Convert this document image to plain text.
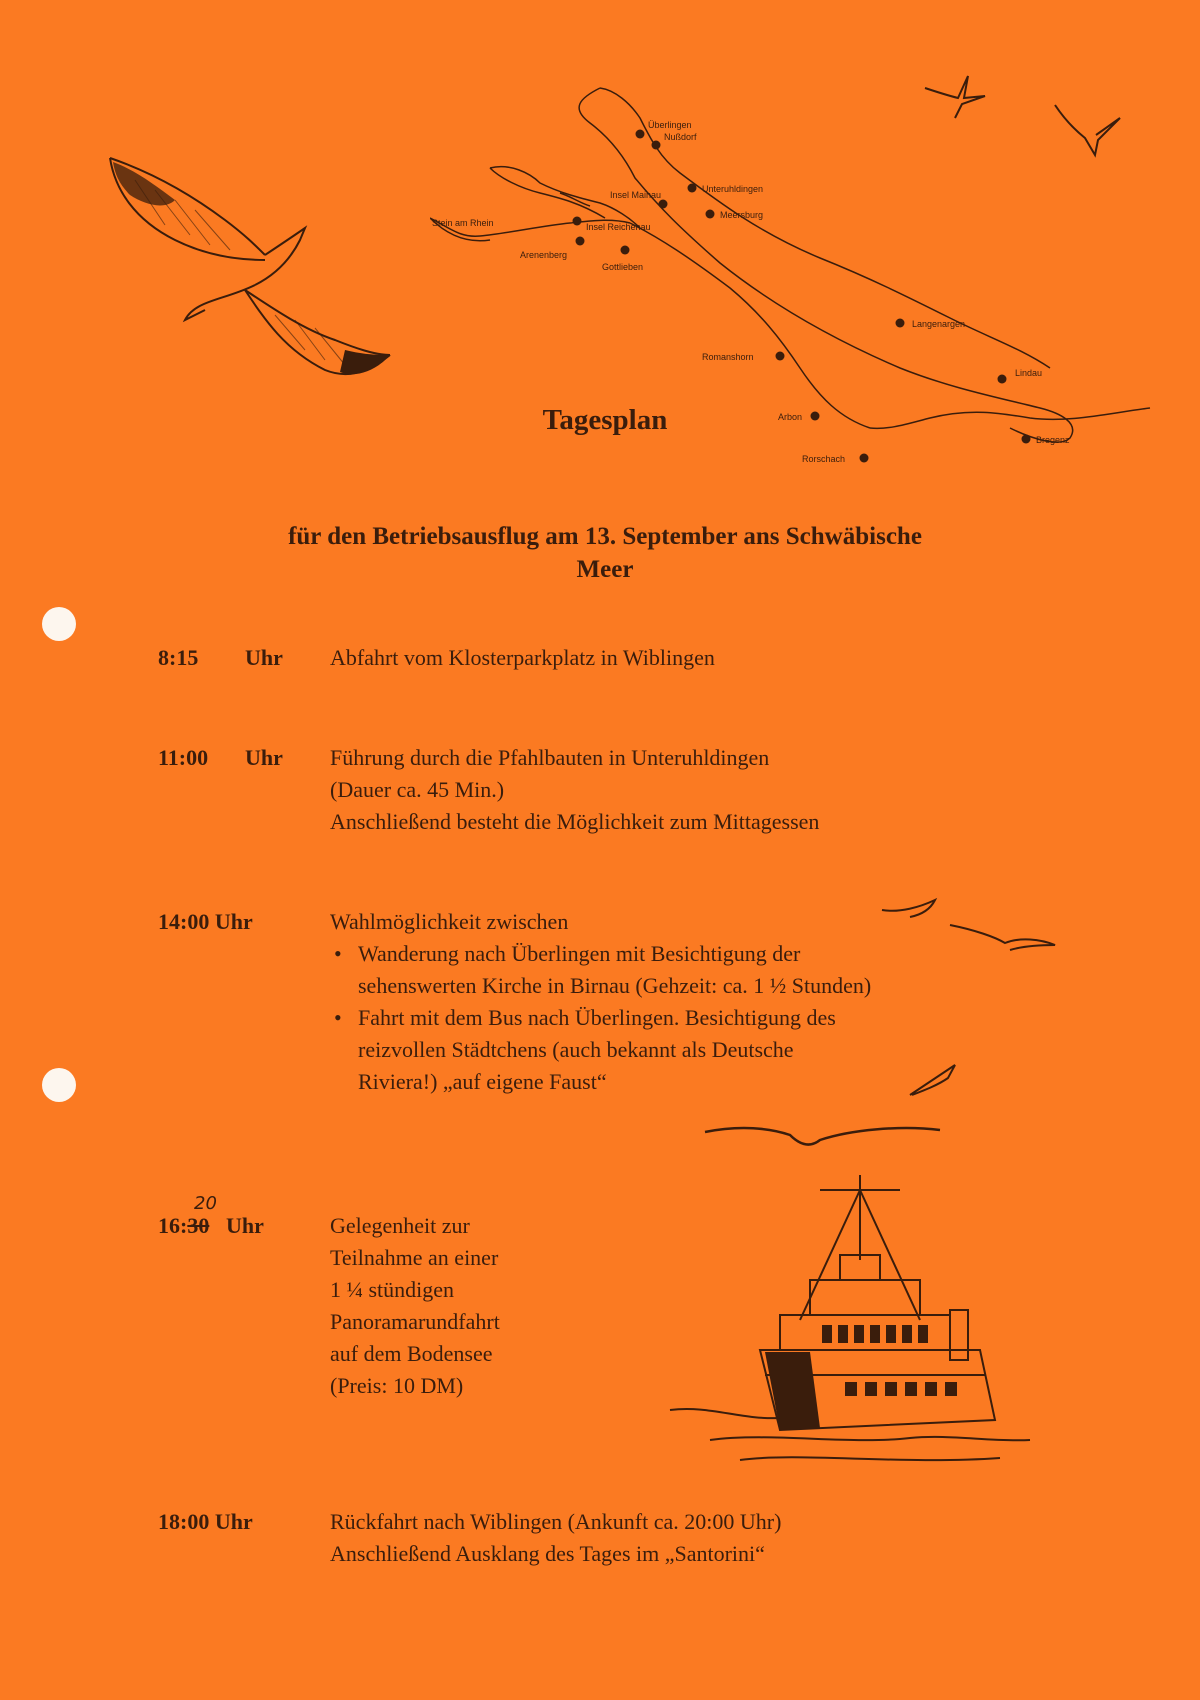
Überlingen
Nußdorf
Unteruhldingen
Insel Mainau
Meersburg
Stein am Rhein	Insel Reichenau
Arenenberg
Gottlieben
Langenargen
Romanshorn
Lindau
Arbon
Bregenz
Rorschach
Tagesplan
für den Betriebsausflug am 13. September ans Schwäbische
Meer
8:15 Uhr Abfahrt vom Klosterparkplatz in Wiblingen
11:00 Uhr Führung durch die Pfahlbauten in Unteruhldingen
(Dauer ca. 45 Min.)
Anschließend besteht die Möglichkeit zum Mittagessen
14:00 Uhr	Wahlmöglichkeit zwischen
• Wanderung nach Überlingen mit Besichtigung der
sehenswerten Kirche in Birnau (Gehzeit: ca. 1 ½ Stunden)
• Fahrt mit dem Bus nach Überlingen. Besichtigung des
reizvollen Städtchens (auch bekannt als Deutsche
Riviera!) „auf eigene Faust“
16:30
20
Uhr	Gelegenheit zur
Teilnahme an einer
1 ¼ stündigen
Panoramarundfahrt
auf dem Bodensee
(Preis: 10 DM)
18:00 Uhr	Rückfahrt nach Wiblingen (Ankunft ca. 20:00 Uhr)
Anschließend Ausklang des Tages im „Santorini“
